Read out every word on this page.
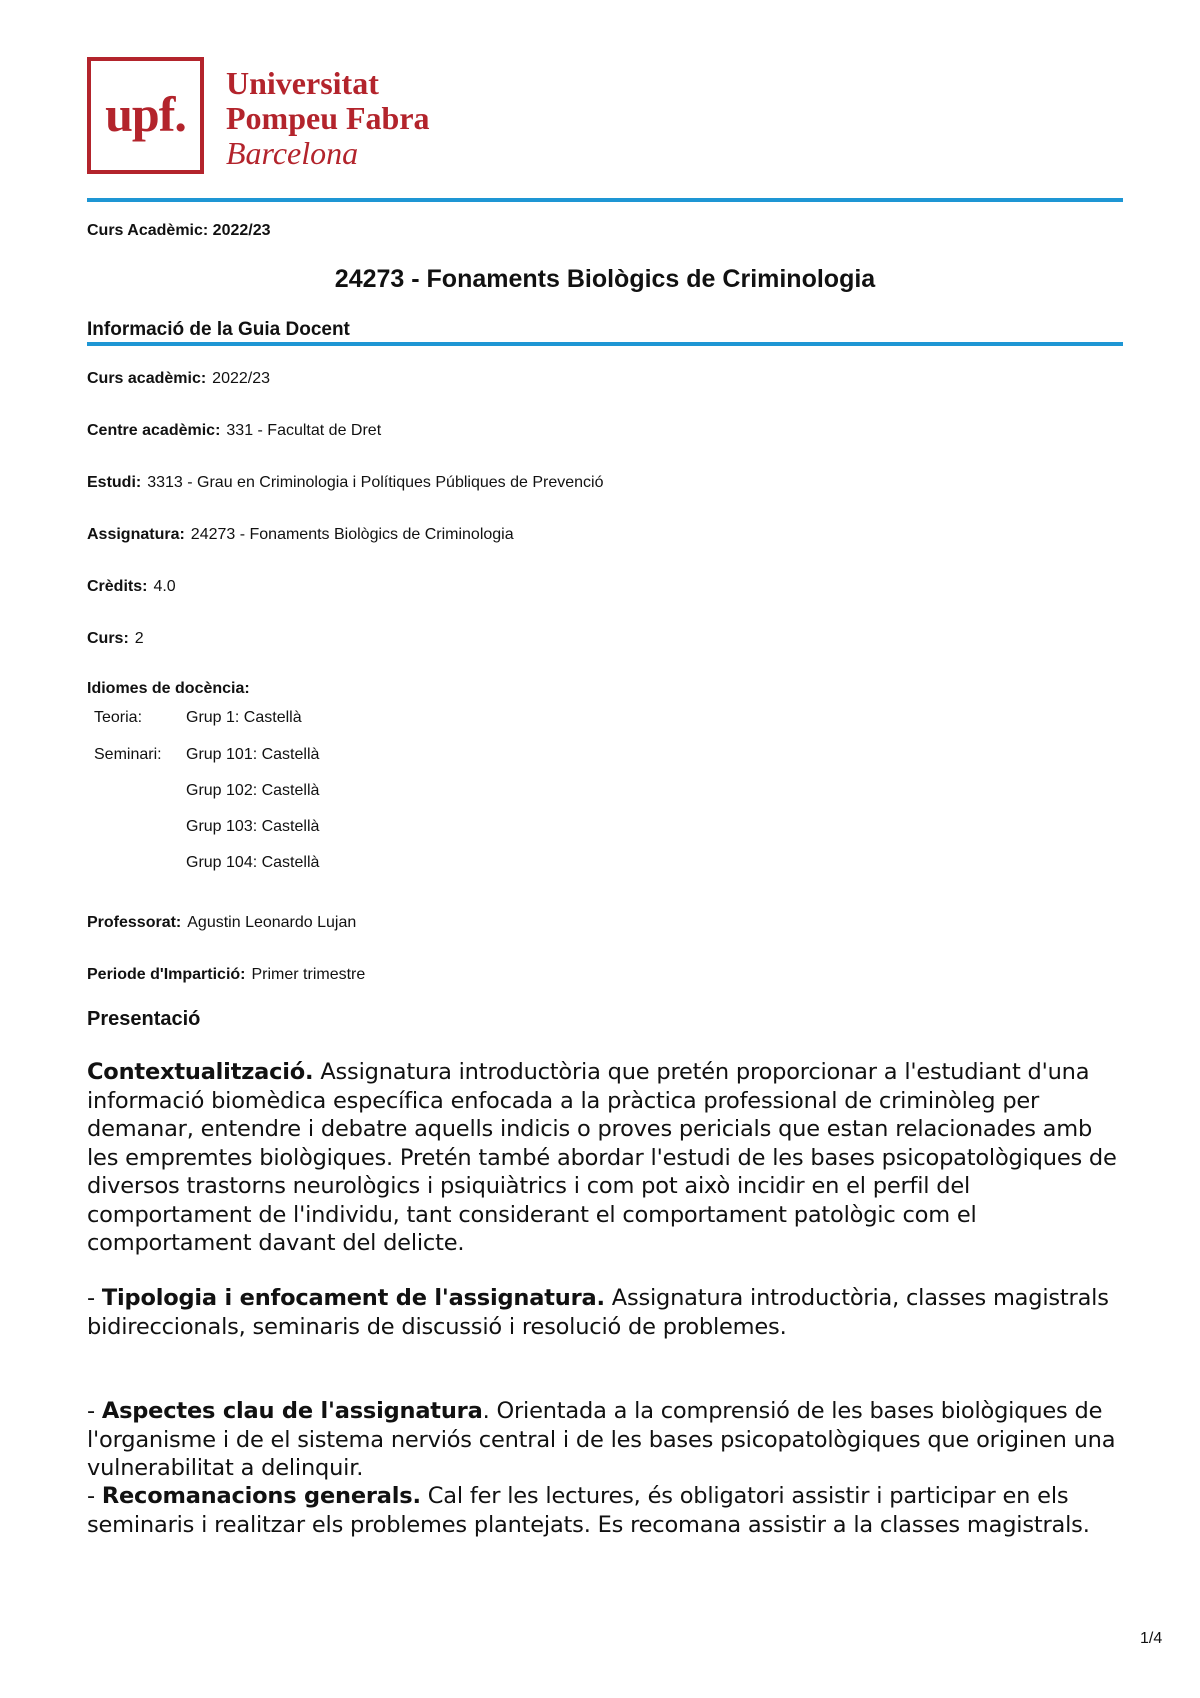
upf.
Universitat
Pompeu Fabra
Barcelona
Curs Acadèmic: 2022/23
24273 - Fonaments Biològics de Criminologia
Informació de la Guia Docent
Curs acadèmic: 2022/23
Centre acadèmic: 331 - Facultat de Dret
Estudi: 3313 - Grau en Criminologia i Polítiques Públiques de Prevenció
Assignatura: 24273 - Fonaments Biològics de Criminologia
Crèdits: 4.0
Curs: 2
Idiomes de docència:
Teoria:	Grup 1: Castellà
Seminari: Grup 101: Castellà
Grup 102: Castellà
Grup 103: Castellà
Grup 104: Castellà
Professorat: Agustin Leonardo Lujan
Periode d'Impartició: Primer trimestre
Presentació
Contextualització. Assignatura introductòria que pretén proporcionar a l'estudiant d'una informació biomèdica específica enfocada a la pràctica professional de criminòleg per demanar, entendre i debatre aquells indicis o proves pericials que estan relacionades amb les empremtes biològiques. Pretén també abordar l'estudi de les bases psicopatològiques de diversos trastorns neurològics i psiquiàtrics i com pot això incidir en el perfil del comportament de l'individu, tant considerant el comportament patològic com el comportament davant del delicte.
- Tipologia i enfocament de l'assignatura. Assignatura introductòria, classes magistrals bidireccionals, seminaris de discussió i resolució de problemes.
- Aspectes clau de l'assignatura. Orientada a la comprensió de les bases biològiques de l'organisme i de el sistema nerviós central i de les bases psicopatològiques que originen una vulnerabilitat a delinquir.
- Recomanacions generals. Cal fer les lectures, és obligatori assistir i participar en els seminaris i realitzar els problemes plantejats. Es recomana assistir a la classes magistrals.
1/4
